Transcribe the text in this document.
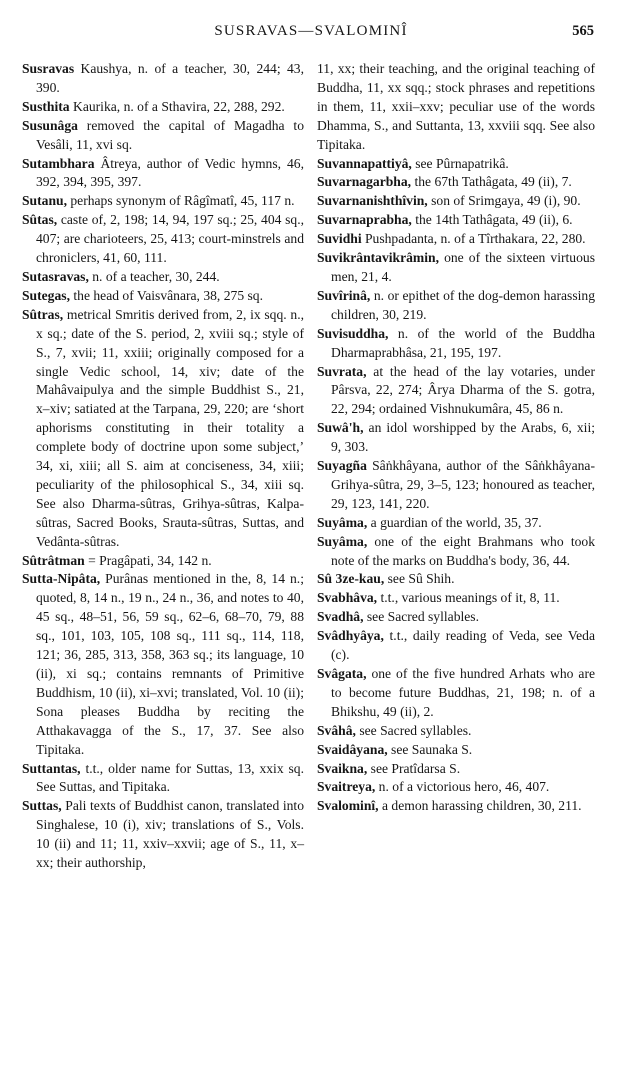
SUSRAVAS—SVALOMINÎ	565

Susravas Kaushya, n. of a teacher, 30, 244; 43, 390.

Susthita Kaurika, n. of a Sthavira, 22, 288, 292.

Susunâga removed the capital of Magadha to Vesâli, 11, xvi sq.

Sutambhara Âtreya, author of Vedic hymns, 46, 392, 394, 395, 397.

Sutanu, perhaps synonym of Râgîmatî, 45, 117 n.

Sûtas, caste of, 2, 198; 14, 94, 197 sq.; 25, 404 sq., 407; are charioteers, 25, 413; court-minstrels and chroniclers, 41, 60, 111.

Sutasravas, n. of a teacher, 30, 244.

Sutegas, the head of Vaisvânara, 38, 275 sq.

Sûtras, metrical Smritis derived from, 2, ix sqq. n., x sq.; date of the S. period, 2, xviii sq.; style of S., 7, xvii; 11, xxiii; originally composed for a single Vedic school, 14, xiv; date of the Mahâvaipulya and the simple Buddhist S., 21, x–xiv; satiated at the Tarpana, 29, 220; are ‘short aphorisms constituting in their totality a complete body of doctrine upon some subject,’ 34, xi, xiii; all S. aim at conciseness, 34, xiii; peculiarity of the philosophical S., 34, xiii sq. See also Dharma-sûtras, Grihya-sûtras, Kalpa-sûtras, Sacred Books, Srauta-sûtras, Suttas, and Vedânta-sûtras.

Sûtrâtman = Pragâpati, 34, 142 n.

Sutta-Nipâta, Purânas mentioned in the, 8, 14 n.; quoted, 8, 14 n., 19 n., 24 n., 36, and notes to 40, 45 sq., 48–51, 56, 59 sq., 62–6, 68–70, 79, 88 sq., 101, 103, 105, 108 sq., 111 sq., 114, 118, 121; 36, 285, 313, 358, 363 sq.; its language, 10 (ii), xi sq.; contains remnants of Primitive Buddhism, 10 (ii), xi–xvi; translated, Vol. 10 (ii); Sona pleases Buddha by reciting the Atthakavagga of the S., 17, 37. See also Tipitaka.

Suttantas, t.t., older name for Suttas, 13, xxix sq. See Suttas, and Tipitaka.

Suttas, Pali texts of Buddhist canon, translated into Singhalese, 10 (i), xiv; translations of S., Vols. 10 (ii) and 11; 11, xxiv–xxvii; age of S., 11, x–xx; their authorship,

11, xx; their teaching, and the original teaching of Buddha, 11, xx sqq.; stock phrases and repetitions in them, 11, xxii–xxv; peculiar use of the words Dhamma, S., and Suttanta, 13, xxviii sqq. See also Tipitaka.

Suvannapattiyâ, see Pûrnapatrikâ.

Suvarnagarbha, the 67th Tathâgata, 49 (ii), 7.

Suvarnanishthîvin, son of Srimgaya, 49 (i), 90.

Suvarnaprabha, the 14th Tathâgata, 49 (ii), 6.

Suvidhi Pushpadanta, n. of a Tîrthakara, 22, 280.

Suvikrântavikrâmin, one of the sixteen virtuous men, 21, 4.

Suvîrinâ, n. or epithet of the dog-demon harassing children, 30, 219.

Suvisuddha, n. of the world of the Buddha Dharmaprabhâsa, 21, 195, 197.

Suvrata, at the head of the lay votaries, under Pârsva, 22, 274; Ârya Dharma of the S. gotra, 22, 294; ordained Vishnukumâra, 45, 86 n.

Suwâ'h, an idol worshipped by the Arabs, 6, xii; 9, 303.

Suyagña Sâṅkhâyana, author of the Sâṅkhâyana-Grihya-sûtra, 29, 3–5, 123; honoured as teacher, 29, 123, 141, 220.

Suyâma, a guardian of the world, 35, 37.

Suyâma, one of the eight Brahmans who took note of the marks on Buddha's body, 36, 44.

Sû 3ze-kau, see Sû Shih.

Svabhâva, t.t., various meanings of it, 8, 11.

Svadhâ, see Sacred syllables.

Svâdhyâya, t.t., daily reading of Veda, see Veda (c).

Svâgata, one of the five hundred Arhats who are to become future Buddhas, 21, 198; n. of a Bhikshu, 49 (ii), 2.

Svâhâ, see Sacred syllables.

Svaidâyana, see Saunaka S.

Svaikna, see Pratîdarsa S.

Svaitreya, n. of a victorious hero, 46, 407.

Svalominî, a demon harassing children, 30, 211.
